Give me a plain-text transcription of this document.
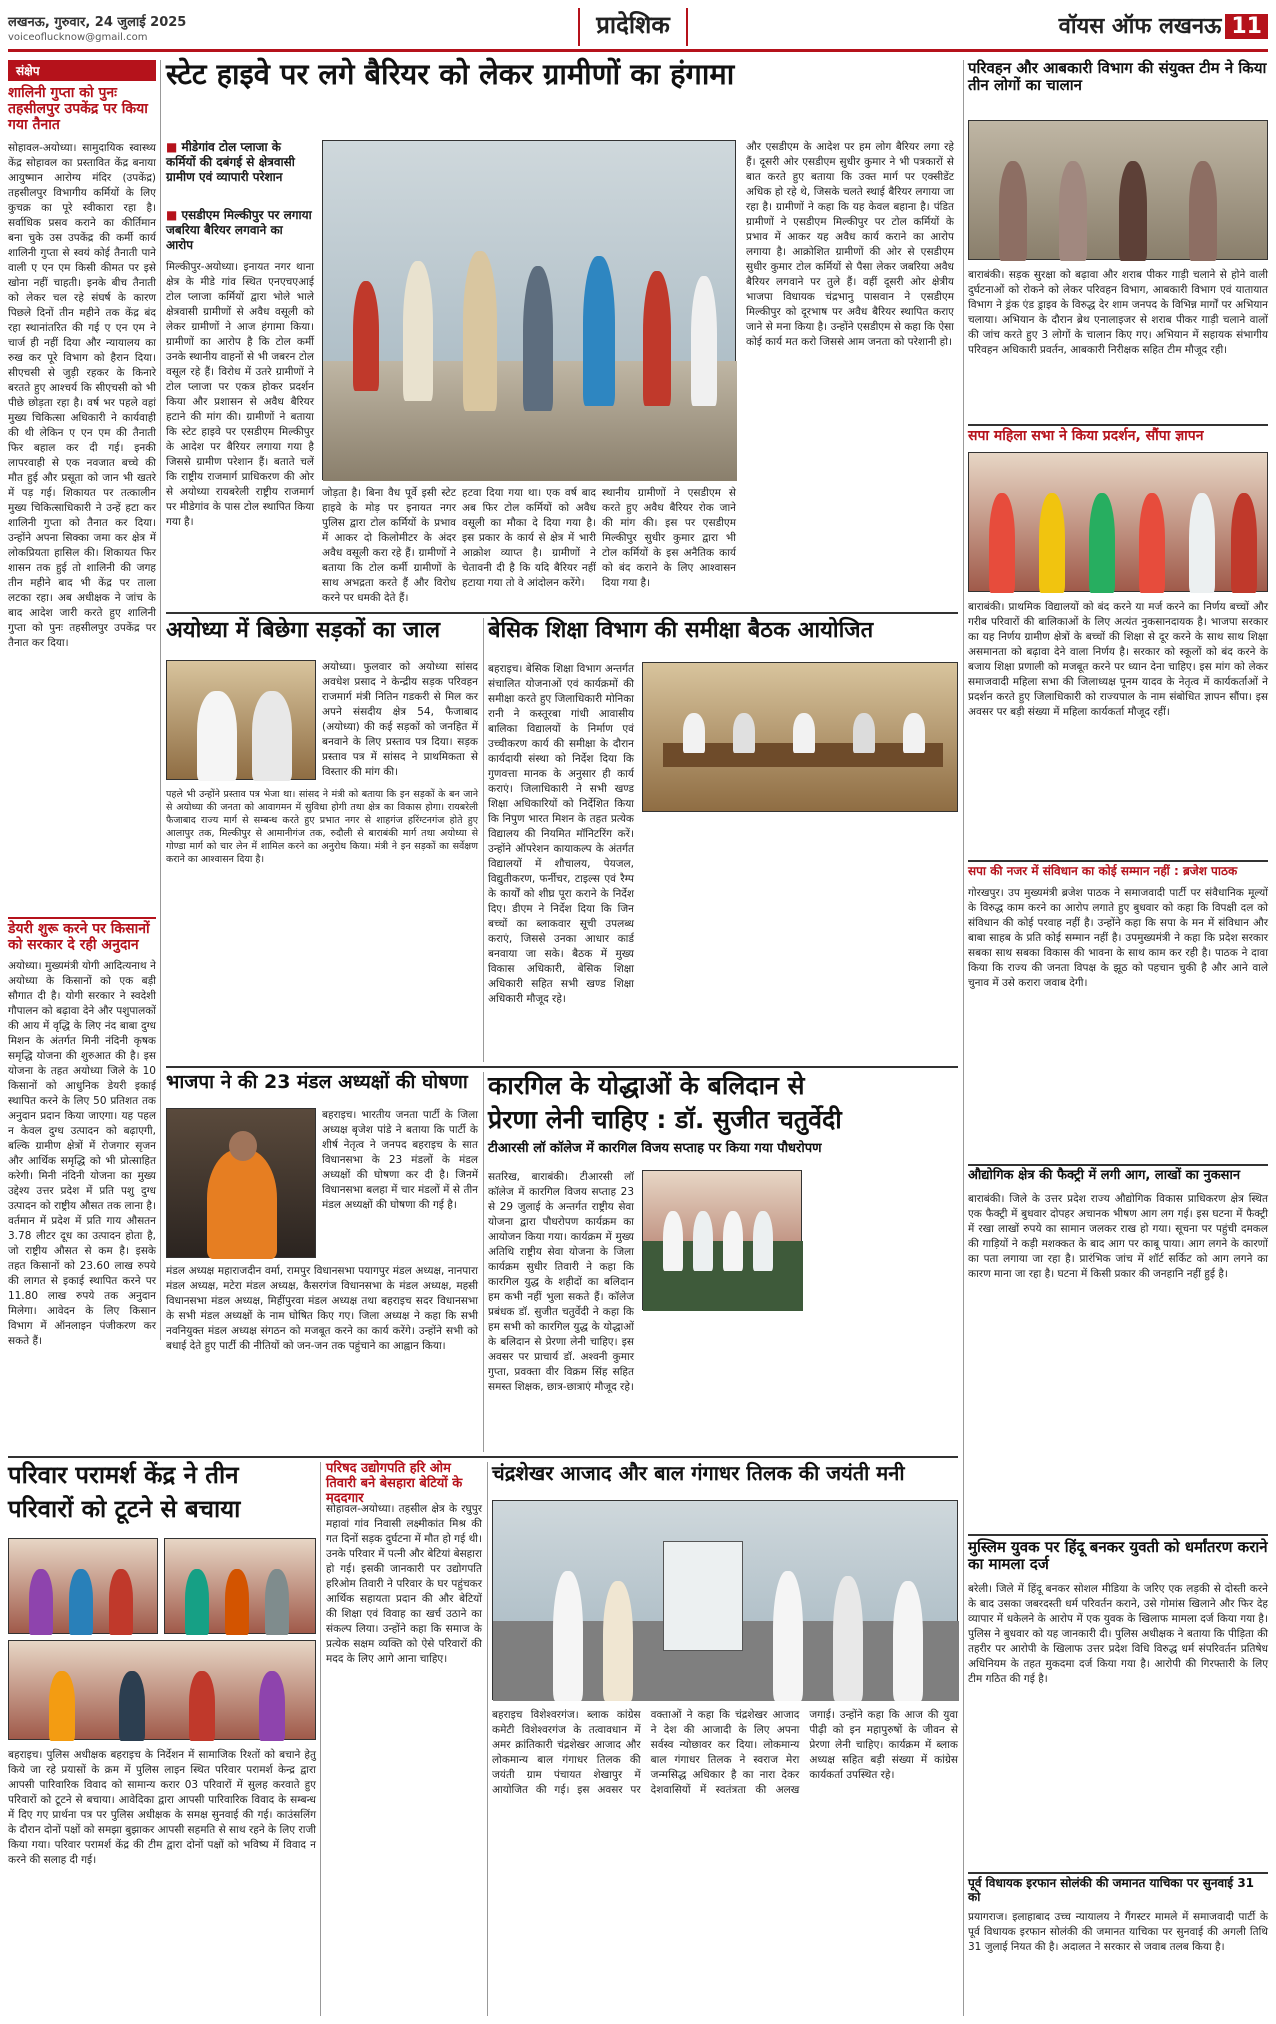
लखनऊ, गुरुवार, 24 जुलाई 2025
voiceoflucknow@gmail.com	प्रादेशिक	वॉयस ऑफ लखनऊ 11
संक्षेप
शालिनी गुप्ता को पुनः तहसीलपुर उपकेंद्र पर किया गया तैनात
सोहावल-अयोध्या। सामुदायिक स्वास्थ्य केंद्र सोहावल का प्रस्तावित केंद्र बनाया आयुष्मान आरोग्य मंदिर (उपकेंद्र) तहसीलपुर विभागीय कर्मियों के लिए कुचक्र का पूरे स्वीकारा रहा है। सर्वाधिक प्रसव कराने का कीर्तिमान बना चुके उस उपकेंद्र की कर्मी कार्य शालिनी गुप्ता से स्वयं कोई तैनाती पाने वाली ए एन एम किसी कीमत पर इसे खोना नहीं चाहती। इनके बीच तैनाती को लेकर चल रहे संघर्ष के कारण पिछले दिनों तीन महीने तक केंद्र बंद रहा स्थानांतरित की गई ए एन एम ने चार्ज ही नहीं दिया और न्यायालय का रुख कर पूरे विभाग को हैरान दिया। सीएचसी से जुड़ी रहकर के किनारे बरतते हुए आश्चर्य कि सीएचसी को भी पीछे छोड़ता रहा है। वर्ष भर पहले वहां मुख्य चिकित्सा अधिकारी ने कार्यवाही की थी लेकिन ए एन एम की तैनाती फिर बहाल कर दी गई। इनकी लापरवाही से एक नवजात बच्चे की मौत हुई और प्रसूता को जान भी खतरे में पड़ गई। शिकायत पर तत्कालीन मुख्य चिकित्साधिकारी ने उन्हें हटा कर शालिनी गुप्ता को तैनात कर दिया। उन्होंने अपना सिक्का जमा कर क्षेत्र में लोकप्रियता हासिल की। शिकायत फिर शासन तक हुई तो शालिनी की जगह तीन महीने बाद भी केंद्र पर ताला लटका रहा। अब अधीक्षक ने जांच के बाद आदेश जारी करते हुए शालिनी गुप्ता को पुनः तहसीलपुर उपकेंद्र पर तैनात कर दिया।
डेयरी शुरू करने पर किसानों को सरकार दे रही अनुदान
अयोध्या। मुख्यमंत्री योगी आदित्यनाथ ने अयोध्या के किसानों को एक बड़ी सौगात दी है। योगी सरकार ने स्वदेशी गौपालन को बढ़ावा देने और पशुपालकों की आय में वृद्धि के लिए नंद बाबा दुग्ध मिशन के अंतर्गत मिनी नंदिनी कृषक समृद्धि योजना की शुरुआत की है। इस योजना के तहत अयोध्या जिले के 10 किसानों को आधुनिक डेयरी इकाई स्थापित करने के लिए 50 प्रतिशत तक अनुदान प्रदान किया जाएगा। यह पहल न केवल दुग्ध उत्पादन को बढ़ाएगी, बल्कि ग्रामीण क्षेत्रों में रोजगार सृजन और आर्थिक समृद्धि को भी प्रोत्साहित करेगी। मिनी नंदिनी योजना का मुख्य उद्देश्य उत्तर प्रदेश में प्रति पशु दुग्ध उत्पादन को राष्ट्रीय औसत तक लाना है। वर्तमान में प्रदेश में प्रति गाय औसतन 3.78 लीटर दूध का उत्पादन होता है, जो राष्ट्रीय औसत से कम है। इसके तहत किसानों को 23.60 लाख रुपये की लागत से इकाई स्थापित करने पर 11.80 लाख रुपये तक अनुदान मिलेगा। आवेदन के लिए किसान विभाग में ऑनलाइन पंजीकरण कर सकते हैं।
स्टेट हाइवे पर लगे बैरियर को लेकर ग्रामीणों का हंगामा
■ मीडेगांव टोल प्लाजा के कर्मियों की दबंगई से क्षेत्रवासी ग्रामीण एवं व्यापारी परेशान
■ एसडीएम मिल्कीपुर पर लगाया जबरिया बैरियर लगवाने का आरोप
मिल्कीपुर-अयोध्या। इनायत नगर थाना क्षेत्र के मीडे गांव स्थित एनएचएआई टोल प्लाजा कर्मियों द्वारा भोले भाले क्षेत्रवासी ग्रामीणों से अवैध वसूली को लेकर ग्रामीणों ने आज हंगामा किया। ग्रामीणों का आरोप है कि टोल कर्मी उनके स्थानीय वाहनों से भी जबरन टोल वसूल रहे हैं। विरोध में उतरे ग्रामीणों ने टोल प्लाजा पर एकत्र होकर प्रदर्शन किया और प्रशासन से अवैध बैरियर हटाने की मांग की। ग्रामीणों ने बताया कि स्टेट हाइवे पर एसडीएम मिल्कीपुर के आदेश पर बैरियर लगाया गया है जिससे ग्रामीण परेशान हैं। बताते चलें कि राष्ट्रीय राजमार्ग प्राधिकरण की ओर से अयोध्या रायबरेली राष्ट्रीय राजमार्ग पर मीडेगांव के पास टोल स्थापित किया गया है।
जोड़ता है। बिना वैध पूर्वे इसी स्टेट हाइवे के मोड़ पर इनायत नगर पुलिस द्वारा टोल कर्मियों के प्रभाव में आकर दो किलोमीटर के अंदर अवैध वसूली करा रहे हैं। ग्रामीणों ने बताया कि टोल कर्मी ग्रामीणों के साथ अभद्रता करते हैं और विरोध करने पर धमकी देते हैं।
हटवा दिया गया था। एक वर्ष बाद अब फिर टोल कर्मियों को अवैध वसूली का मौका दे दिया गया है। इस प्रकार के कार्य से क्षेत्र में भारी आक्रोश व्याप्त है। ग्रामीणों ने चेतावनी दी है कि यदि बैरियर नहीं हटाया गया तो वे आंदोलन करेंगे।
स्थानीय ग्रामीणों ने एसडीएम से करते हुए अवैध बैरियर रोक जाने की मांग की। इस पर एसडीएम मिल्कीपुर सुधीर कुमार द्वारा भी टोल कर्मियों के इस अनैतिक कार्य को बंद कराने के लिए आश्वासन दिया गया है।
और एसडीएम के आदेश पर हम लोग बैरियर लगा रहे हैं। दूसरी ओर एसडीएम सुधीर कुमार ने भी पत्रकारों से बात करते हुए बताया कि उक्त मार्ग पर एक्सीडेंट अधिक हो रहे थे, जिसके चलते स्थाई बैरियर लगाया जा रहा है। ग्रामीणों ने कहा कि यह केवल बहाना है। पंडित ग्रामीणों ने एसडीएम मिल्कीपुर पर टोल कर्मियों के प्रभाव में आकर यह अवैध कार्य कराने का आरोप लगाया है। आक्रोशित ग्रामीणों की ओर से एसडीएम सुधीर कुमार टोल कर्मियों से पैसा लेकर जबरिया अवैध बैरियर लगवाने पर तुले हैं। वहीं दूसरी ओर क्षेत्रीय भाजपा विधायक चंद्रभानु पासवान ने एसडीएम मिल्कीपुर को दूरभाष पर अवैध बैरियर स्थापित कराए जाने से मना किया है। उन्होंने एसडीएम से कहा कि ऐसा कोई कार्य मत करो जिससे आम जनता को परेशानी हो।
अयोध्या में बिछेगा सड़कों का जाल
अयोध्या। फुलवार को अयोध्या सांसद अवधेश प्रसाद ने केन्द्रीय सड़क परिवहन राजमार्ग मंत्री नितिन गडकरी से मिल कर अपने संसदीय क्षेत्र 54, फैजाबाद (अयोध्या) की कई सड़कों को जनहित में बनवाने के लिए प्रस्ताव पत्र दिया। सड़क प्रस्ताव पत्र में सांसद ने प्राथमिकता से विस्तार की मांग की।
पहले भी उन्होंने प्रस्ताव पत्र भेजा था। सांसद ने मंत्री को बताया कि इन सड़कों के बन जाने से अयोध्या की जनता को आवागमन में सुविधा होगी तथा क्षेत्र का विकास होगा। रायबरेली फैजाबाद राज्य मार्ग से सम्बन्ध करते हुए प्रभात नगर से शाहगंज हरिंग्टनगंज होते हुए आलापुर तक, मिल्कीपुर से आमानीगंज तक, रुदौली से बाराबंकी मार्ग तथा अयोध्या से गोण्डा मार्ग को चार लेन में शामिल करने का अनुरोध किया। मंत्री ने इन सड़कों का सर्वेक्षण कराने का आश्वासन दिया है।
बेसिक शिक्षा विभाग की समीक्षा बैठक आयोजित
बहराइच। बेसिक शिक्षा विभाग अन्तर्गत संचालित योजनाओं एवं कार्यक्रमों की समीक्षा करते हुए जिलाधिकारी मोनिका रानी ने कस्तूरबा गांधी आवासीय बालिका विद्यालयों के निर्माण एवं उच्चीकरण कार्य की समीक्षा के दौरान कार्यदायी संस्था को निर्देश दिया कि गुणवत्ता मानक के अनुसार ही कार्य कराएं। जिलाधिकारी ने सभी खण्ड शिक्षा अधिकारियों को निर्देशित किया कि निपुण भारत मिशन के तहत प्रत्येक विद्यालय की नियमित मॉनिटरिंग करें। उन्होंने ऑपरेशन कायाकल्प के अंतर्गत विद्यालयों में शौचालय, पेयजल, विद्युतीकरण, फर्नीचर, टाइल्स एवं रैम्प के कार्यों को शीघ्र पूरा कराने के निर्देश दिए। डीएम ने निर्देश दिया कि जिन बच्चों का ब्लाकवार सूची उपलब्ध कराएं, जिससे उनका आधार कार्ड बनवाया जा सके। बैठक में मुख्य विकास अधिकारी, बेसिक शिक्षा अधिकारी सहित सभी खण्ड शिक्षा अधिकारी मौजूद रहे।
भाजपा ने की 23 मंडल अध्यक्षों की घोषणा
बहराइच। भारतीय जनता पार्टी के जिला अध्यक्ष बृजेश पांडे ने बताया कि पार्टी के शीर्ष नेतृत्व ने जनपद बहराइच के सात विधानसभा के 23 मंडलों के मंडल अध्यक्षों की घोषणा कर दी है। जिनमें विधानसभा बलहा में चार मंडलों में से तीन मंडल अध्यक्षों की घोषणा की गई है।
मंडल अध्यक्ष महाराजदीन वर्मा, रामपुर विधानसभा पयागपुर मंडल अध्यक्ष, नानपारा मंडल अध्यक्ष, मटेरा मंडल अध्यक्ष, कैसरगंज विधानसभा के मंडल अध्यक्ष, महसी विधानसभा मंडल अध्यक्ष, मिहींपुरवा मंडल अध्यक्ष तथा बहराइच सदर विधानसभा के सभी मंडल अध्यक्षों के नाम घोषित किए गए। जिला अध्यक्ष ने कहा कि सभी नवनियुक्त मंडल अध्यक्ष संगठन को मजबूत करने का कार्य करेंगे। उन्होंने सभी को बधाई देते हुए पार्टी की नीतियों को जन-जन तक पहुंचाने का आह्वान किया।
कारगिल के योद्धाओं के बलिदान से
प्रेरणा लेनी चाहिए : डॉ. सुजीत चतुर्वेदी
टीआरसी लॉ कॉलेज में कारगिल विजय सप्ताह पर किया गया पौधरोपण
सतरिख, बाराबंकी। टीआरसी लॉ कॉलेज में कारगिल विजय सप्ताह 23 से 29 जुलाई के अन्तर्गत राष्ट्रीय सेवा योजना द्वारा पौधरोपण कार्यक्रम का आयोजन किया गया। कार्यक्रम में मुख्य अतिथि राष्ट्रीय सेवा योजना के जिला कार्यक्रम सुधीर तिवारी ने कहा कि कारगिल युद्ध के शहीदों का बलिदान हम कभी नहीं भुला सकते हैं। कॉलेज प्रबंधक डॉ. सुजीत चतुर्वेदी ने कहा कि हम सभी को कारगिल युद्ध के योद्धाओं के बलिदान से प्रेरणा लेनी चाहिए। इस अवसर पर प्राचार्य डॉ. अश्वनी कुमार गुप्ता, प्रवक्ता वीर विक्रम सिंह सहित समस्त शिक्षक, छात्र-छात्राएं मौजूद रहे।
परिवार परामर्श केंद्र ने तीन
परिवारों को टूटने से बचाया
बहराइच। पुलिस अधीक्षक बहराइच के निर्देशन में सामाजिक रिश्तों को बचाने हेतु किये जा रहे प्रयासों के क्रम में पुलिस लाइन स्थित परिवार परामर्श केन्द्र द्वारा आपसी पारिवारिक विवाद को सामान्य करार 03 परिवारों में सुलह करवाते हुए परिवारों को टूटने से बचाया। आवेदिका द्वारा आपसी पारिवारिक विवाद के सम्बन्ध में दिए गए प्रार्थना पत्र पर पुलिस अधीक्षक के समक्ष सुनवाई की गई। काउंसलिंग के दौरान दोनों पक्षों को समझा बुझाकर आपसी सहमति से साथ रहने के लिए राजी किया गया। परिवार परामर्श केंद्र की टीम द्वारा दोनों पक्षों को भविष्य में विवाद न करने की सलाह दी गई।
परिषद उद्योगपति हरि ओम तिवारी बने बेसहारा बेटियों के मददगार
सोहावल-अयोध्या। तहसील क्षेत्र के रघुपुर महावां गांव निवासी लक्ष्मीकांत मिश्र की गत दिनों सड़क दुर्घटना में मौत हो गई थी। उनके परिवार में पत्नी और बेटियां बेसहारा हो गई। इसकी जानकारी पर उद्योगपति हरिओम तिवारी ने परिवार के घर पहुंचकर आर्थिक सहायता प्रदान की और बेटियों की शिक्षा एवं विवाह का खर्च उठाने का संकल्प लिया। उन्होंने कहा कि समाज के प्रत्येक सक्षम व्यक्ति को ऐसे परिवारों की मदद के लिए आगे आना चाहिए।
चंद्रशेखर आजाद और बाल गंगाधर तिलक की जयंती मनी
बहराइच विशेश्वरगंज। ब्लाक कांग्रेस कमेटी विशेश्वरगंज के तत्वावधान में अमर क्रांतिकारी चंद्रशेखर आजाद और लोकमान्य बाल गंगाधर तिलक की जयंती ग्राम पंचायत शेखापुर में आयोजित की गई। इस अवसर पर वक्ताओं ने कहा कि चंद्रशेखर आजाद ने देश की आजादी के लिए अपना सर्वस्व न्योछावर कर दिया। लोकमान्य बाल गंगाधर तिलक ने स्वराज मेरा जन्मसिद्ध अधिकार है का नारा देकर देशवासियों में स्वतंत्रता की अलख जगाई। उन्होंने कहा कि आज की युवा पीढ़ी को इन महापुरुषों के जीवन से प्रेरणा लेनी चाहिए। कार्यक्रम में ब्लाक अध्यक्ष सहित बड़ी संख्या में कांग्रेस कार्यकर्ता उपस्थित रहे।
परिवहन और आबकारी विभाग की संयुक्त टीम ने किया तीन लोगों का चालान
बाराबंकी। सड़क सुरक्षा को बढ़ावा और शराब पीकर गाड़ी चलाने से होने वाली दुर्घटनाओं को रोकने को लेकर परिवहन विभाग, आबकारी विभाग एवं यातायात विभाग ने ड्रंक एंड ड्राइव के विरुद्ध देर शाम जनपद के विभिन्न मार्गों पर अभियान चलाया। अभियान के दौरान ब्रेथ एनालाइजर से शराब पीकर गाड़ी चलाने वालों की जांच करते हुए 3 लोगों के चालान किए गए। अभियान में सहायक संभागीय परिवहन अधिकारी प्रवर्तन, आबकारी निरीक्षक सहित टीम मौजूद रही।
सपा महिला सभा ने किया प्रदर्शन, सौंपा ज्ञापन
बाराबंकी। प्राथमिक विद्यालयों को बंद करने या मर्ज करने का निर्णय बच्चों और गरीब परिवारों की बालिकाओं के लिए अत्यंत नुकसानदायक है। भाजपा सरकार का यह निर्णय ग्रामीण क्षेत्रों के बच्चों की शिक्षा से दूर करने के साथ साथ शिक्षा असमानता को बढ़ावा देने वाला निर्णय है। सरकार को स्कूलों को बंद करने के बजाय शिक्षा प्रणाली को मजबूत करने पर ध्यान देना चाहिए। इस मांग को लेकर समाजवादी महिला सभा की जिलाध्यक्ष पूनम यादव के नेतृत्व में कार्यकर्ताओं ने प्रदर्शन करते हुए जिलाधिकारी को राज्यपाल के नाम संबोधित ज्ञापन सौंपा। इस अवसर पर बड़ी संख्या में महिला कार्यकर्ता मौजूद रहीं।
सपा की नजर में संविधान का कोई सम्मान नहीं : ब्रजेश पाठक
गोरखपुर। उप मुख्यमंत्री ब्रजेश पाठक ने समाजवादी पार्टी पर संवैधानिक मूल्यों के विरुद्ध काम करने का आरोप लगाते हुए बुधवार को कहा कि विपक्षी दल को संविधान की कोई परवाह नहीं है। उन्होंने कहा कि सपा के मन में संविधान और बाबा साहब के प्रति कोई सम्मान नहीं है। उपमुख्यमंत्री ने कहा कि प्रदेश सरकार सबका साथ सबका विकास की भावना के साथ काम कर रही है। पाठक ने दावा किया कि राज्य की जनता विपक्ष के झूठ को पहचान चुकी है और आने वाले चुनाव में उसे करारा जवाब देगी।
औद्योगिक क्षेत्र की फैक्ट्री में लगी आग, लाखों का नुकसान
बाराबंकी। जिले के उत्तर प्रदेश राज्य औद्योगिक विकास प्राधिकरण क्षेत्र स्थित एक फैक्ट्री में बुधवार दोपहर अचानक भीषण आग लग गई। इस घटना में फैक्ट्री में रखा लाखों रुपये का सामान जलकर राख हो गया। सूचना पर पहुंची दमकल की गाड़ियों ने कड़ी मशक्कत के बाद आग पर काबू पाया। आग लगने के कारणों का पता लगाया जा रहा है। प्रारंभिक जांच में शॉर्ट सर्किट को आग लगने का कारण माना जा रहा है। घटना में किसी प्रकार की जनहानि नहीं हुई है।
मुस्लिम युवक पर हिंदू बनकर युवती को धर्मांतरण कराने का मामला दर्ज
बरेली। जिले में हिंदू बनकर सोशल मीडिया के जरिए एक लड़की से दोस्ती करने के बाद उसका जबरदस्ती धर्म परिवर्तन कराने, उसे गोमांस खिलाने और फिर देह व्यापार में धकेलने के आरोप में एक युवक के खिलाफ मामला दर्ज किया गया है। पुलिस ने बुधवार को यह जानकारी दी। पुलिस अधीक्षक ने बताया कि पीड़िता की तहरीर पर आरोपी के खिलाफ उत्तर प्रदेश विधि विरुद्ध धर्म संपरिवर्तन प्रतिषेध अधिनियम के तहत मुकदमा दर्ज किया गया है। आरोपी की गिरफ्तारी के लिए टीम गठित की गई है।
पूर्व विधायक इरफान सोलंकी की जमानत याचिका पर सुनवाई 31 को
प्रयागराज। इलाहाबाद उच्च न्यायालय ने गैंगस्टर मामले में समाजवादी पार्टी के पूर्व विधायक इरफान सोलंकी की जमानत याचिका पर सुनवाई की अगली तिथि 31 जुलाई नियत की है। अदालत ने सरकार से जवाब तलब किया है।
